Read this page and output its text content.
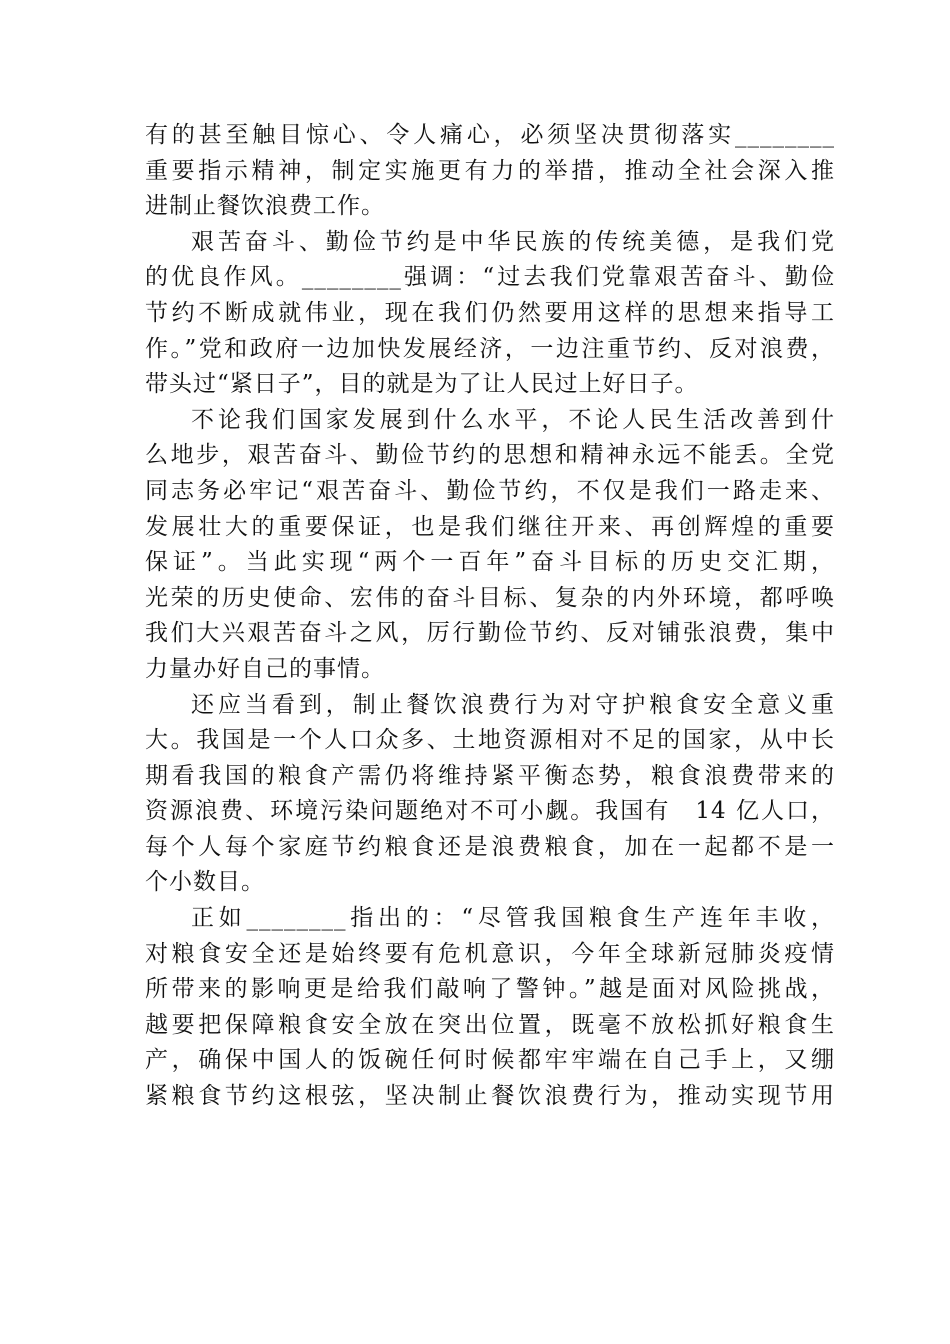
有的甚至触目惊心、令人痛心，必须坚决贯彻落实________
重要指示精神，制定实施更有力的举措，推动全社会深入推
进制止餐饮浪费工作。
艰苦奋斗、勤俭节约是中华民族的传统美德，是我们党
的优良作风。________强调：“过去我们党靠艰苦奋斗、勤俭
节约不断成就伟业，现在我们仍然要用这样的思想来指导工
作。”党和政府一边加快发展经济，一边注重节约、反对浪费，
带头过“紧日子”，目的就是为了让人民过上好日子。
不论我们国家发展到什么水平，不论人民生活改善到什
么地步，艰苦奋斗、勤俭节约的思想和精神永远不能丢。全党
同志务必牢记“艰苦奋斗、勤俭节约，不仅是我们一路走来、
发展壮大的重要保证，也是我们继往开来、再创辉煌的重要
保证”。当此实现“两个一百年”奋斗目标的历史交汇期，
光荣的历史使命、宏伟的奋斗目标、复杂的内外环境，都呼唤
我们大兴艰苦奋斗之风，厉行勤俭节约、反对铺张浪费，集中
力量办好自己的事情。
还应当看到，制止餐饮浪费行为对守护粮食安全意义重
大。我国是一个人口众多、土地资源相对不足的国家，从中长
期看我国的粮食产需仍将维持紧平衡态势，粮食浪费带来的
资源浪费、环境污染问题绝对不可小觑。我国有　14 亿人口，
每个人每个家庭节约粮食还是浪费粮食，加在一起都不是一
个小数目。
正如________指出的：“尽管我国粮食生产连年丰收，
对粮食安全还是始终要有危机意识，今年全球新冠肺炎疫情
所带来的影响更是给我们敲响了警钟。”越是面对风险挑战，
越要把保障粮食安全放在突出位置，既毫不放松抓好粮食生
产，确保中国人的饭碗任何时候都牢牢端在自己手上，又绷
紧粮食节约这根弦，坚决制止餐饮浪费行为，推动实现节用
